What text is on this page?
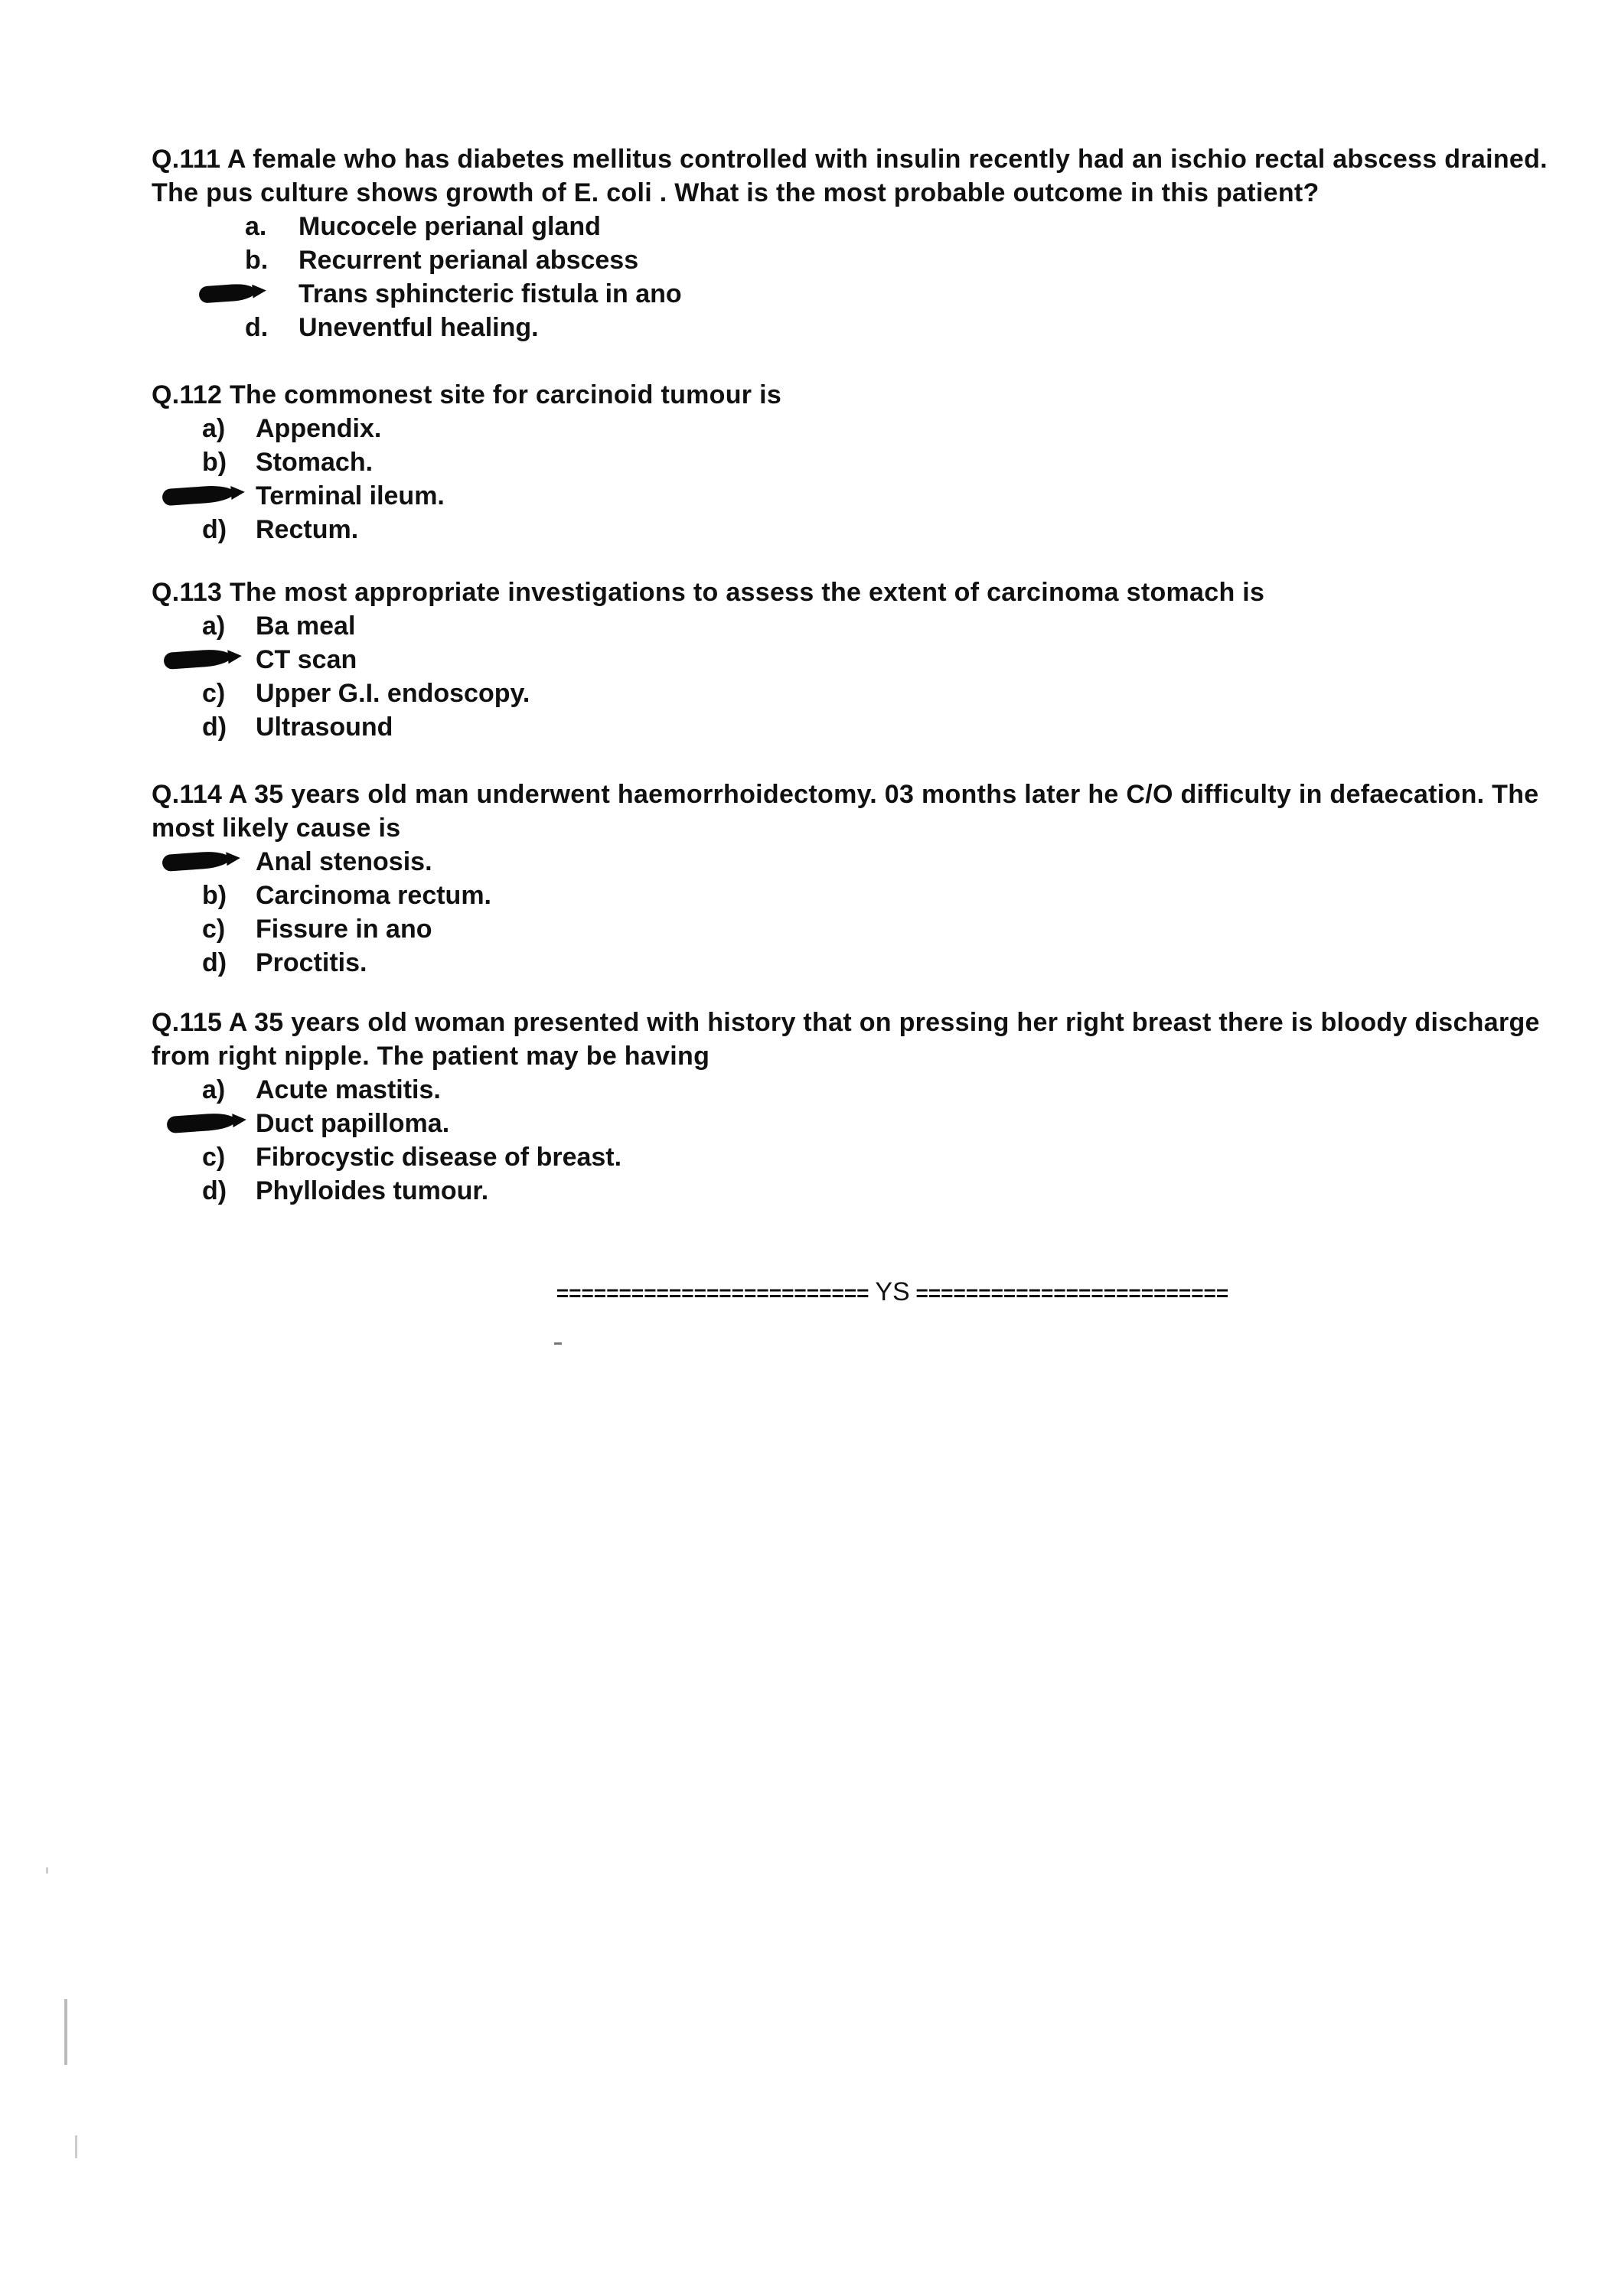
Q.111 A female who has diabetes mellitus controlled with insulin recently had an ischio rectal abscess drained. The pus culture shows growth of E. coli . What is the most probable outcome in this patient?
a.	Mucocele perianal gland
b.	Recurrent perianal abscess
Trans sphincteric fistula in ano
d.	Uneventful healing.
Q.112 The commonest site for carcinoid tumour is
a)	Appendix.
b)	Stomach.
Terminal ileum.
d)	Rectum.
Q.113 The most appropriate investigations to assess the extent of carcinoma stomach is
a)	Ba meal
CT scan
c)	Upper G.I. endoscopy.
d)	Ultrasound
Q.114 A 35 years old man underwent haemorrhoidectomy. 03 months later he C/O difficulty in defaecation. The most likely cause is
Anal stenosis.
b)	Carcinoma rectum.
c)	Fissure in ano
d)	Proctitis.
Q.115 A 35 years old woman presented with history that on pressing her right breast there is bloody discharge from right nipple. The patient may be having
a)	Acute mastitis.
Duct papilloma.
c)	Fibrocystic disease of breast.
d)	Phylloides tumour.
========================= YS =========================
